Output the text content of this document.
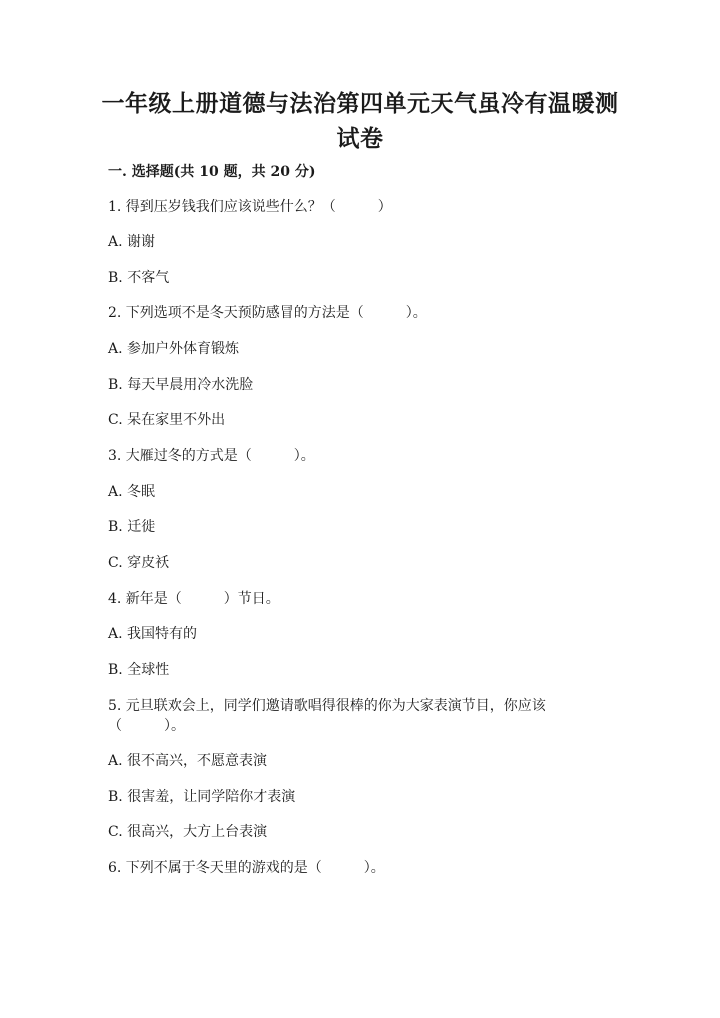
一年级上册道德与法治第四单元天气虽冷有温暖测
试卷
一. 选择题(共 10 题，共 20 分)
1. 得到压岁钱我们应该说些什么？（　　　）
A. 谢谢
B. 不客气
2. 下列选项不是冬天预防感冒的方法是（　　　）。
A. 参加户外体育锻炼
B. 每天早晨用冷水洗脸
C. 呆在家里不外出
3. 大雁过冬的方式是（　　　）。
A. 冬眠
B. 迁徙
C. 穿皮袄
4. 新年是（　　　）节日。
A. 我国特有的
B. 全球性
5. 元旦联欢会上，同学们邀请歌唱得很棒的你为大家表演节目，你应该
（　　　）。
A. 很不高兴，不愿意表演
B. 很害羞，让同学陪你才表演
C. 很高兴，大方上台表演
6. 下列不属于冬天里的游戏的是（　　　）。
